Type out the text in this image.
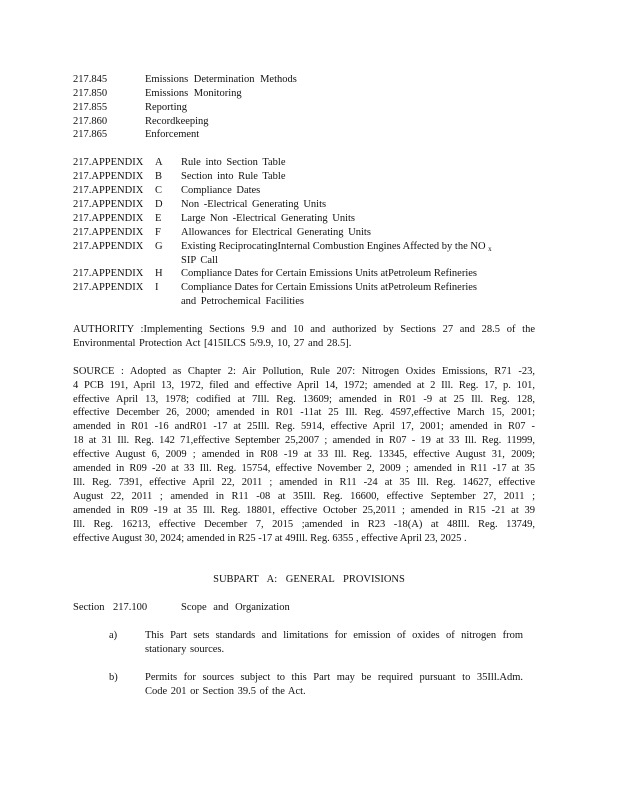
217.845	Emissions Determination Methods
217.850	Emissions Monitoring
217.855	Reporting
217.860	Recordkeeping
217.865	Enforcement
217.APPENDIX A Rule into Section Table
217.APPENDIX B Section into Rule Table
217.APPENDIX C Compliance Dates
217.APPENDIX D Non -Electrical Generating Units
217.APPENDIX E Large Non -Electrical Generating Units
217.APPENDIX F Allowances for Electrical Generating Units
217.APPENDIX G Existing ReciprocatingInternal Combustion Engines Affected by the NO $_x$
SIP Call
217.APPENDIX H Compliance Dates for Certain Emissions Units atPetroleum Refineries
217.APPENDIX I Compliance Dates for Certain Emissions Units atPetroleum Refineries
and Petrochemical Facilities
AUTHORITY :Implementing Sections 9.9 and 10 and authorized by Sections 27 and 28.5 of the
Environmental Protection Act [415ILCS 5/9.9, 10, 27 and 28.5].
SOURCE : Adopted as Chapter 2: Air Pollution, Rule 207: Nitrogen Oxides Emissions, R71 -23,
4 PCB 191, April 13, 1972, filed and effective April 14, 1972; amended at 2 Ill. Reg. 17, p. 101,
effective April 13, 1978; codified at 7Ill. Reg. 13609; amended in R01 -9 at 25 Ill. Reg. 128,
effective December 26, 2000; amended in R01 -11at 25 Ill. Reg. 4597,effective March 15, 2001;
amended in R01 -16 andR01 -17 at 25Ill. Reg. 5914, effective April 17, 2001; amended in R07 -
18 at 31 Ill. Reg. 142 71,effective September 25,2007 ; amended in R07 - 19 at 33 Ill. Reg. 11999,
effective August 6, 2009 ; amended in R08 -19 at 33 Ill. Reg. 13345, effective August 31, 2009;
amended in R09 -20 at 33 Ill. Reg. 15754, effective November 2, 2009 ; amended in R11 -17 at 35
Ill. Reg. 7391, effective April 22, 2011 ; amended in R11 -24 at 35 Ill. Reg. 14627, effective
August 22, 2011 ; amended in R11 -08 at 35Ill. Reg. 16600, effective September 27, 2011 ;
amended in R09 -19 at 35 Ill. Reg. 18801, effective October 25,2011 ; amended in R15 -21 at 39
Ill. Reg. 16213, effective December 7, 2015 ;amended in R23 -18(A) at 48Ill. Reg. 13749,
effective August 30, 2024; amended in R25 -17 at 49Ill. Reg. 6355 , effective April 23, 2025 .
SUBPART A: GENERAL PROVISIONS
Section 217.100	Scope and Organization
a)	This Part sets standards and limitations for emission of oxides of nitrogen from
stationary sources.
b)	Permits for sources subject to this Part may be required pursuant to 35Ill.Adm.
Code 201 or Section 39.5 of the Act.
